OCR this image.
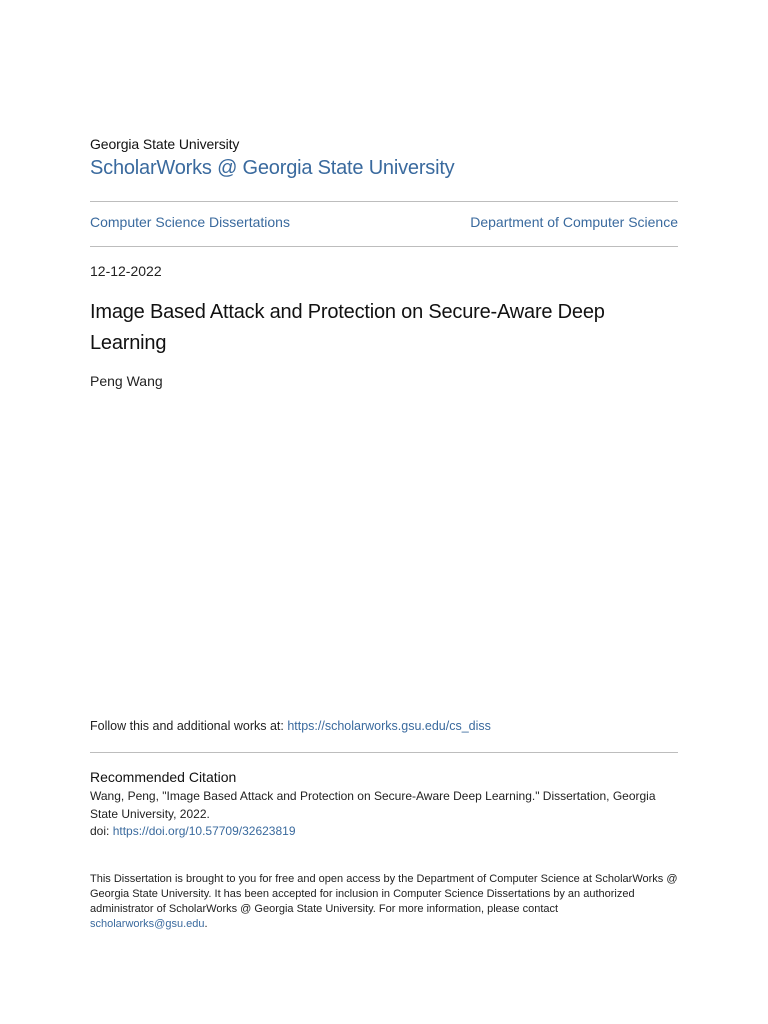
Georgia State University
ScholarWorks @ Georgia State University
Computer Science Dissertations	Department of Computer Science
12-12-2022
Image Based Attack and Protection on Secure-Aware Deep Learning
Peng Wang
Follow this and additional works at: https://scholarworks.gsu.edu/cs_diss
Recommended Citation
Wang, Peng, "Image Based Attack and Protection on Secure-Aware Deep Learning." Dissertation, Georgia State University, 2022.
doi: https://doi.org/10.57709/32623819
This Dissertation is brought to you for free and open access by the Department of Computer Science at ScholarWorks @ Georgia State University. It has been accepted for inclusion in Computer Science Dissertations by an authorized administrator of ScholarWorks @ Georgia State University. For more information, please contact scholarworks@gsu.edu.
